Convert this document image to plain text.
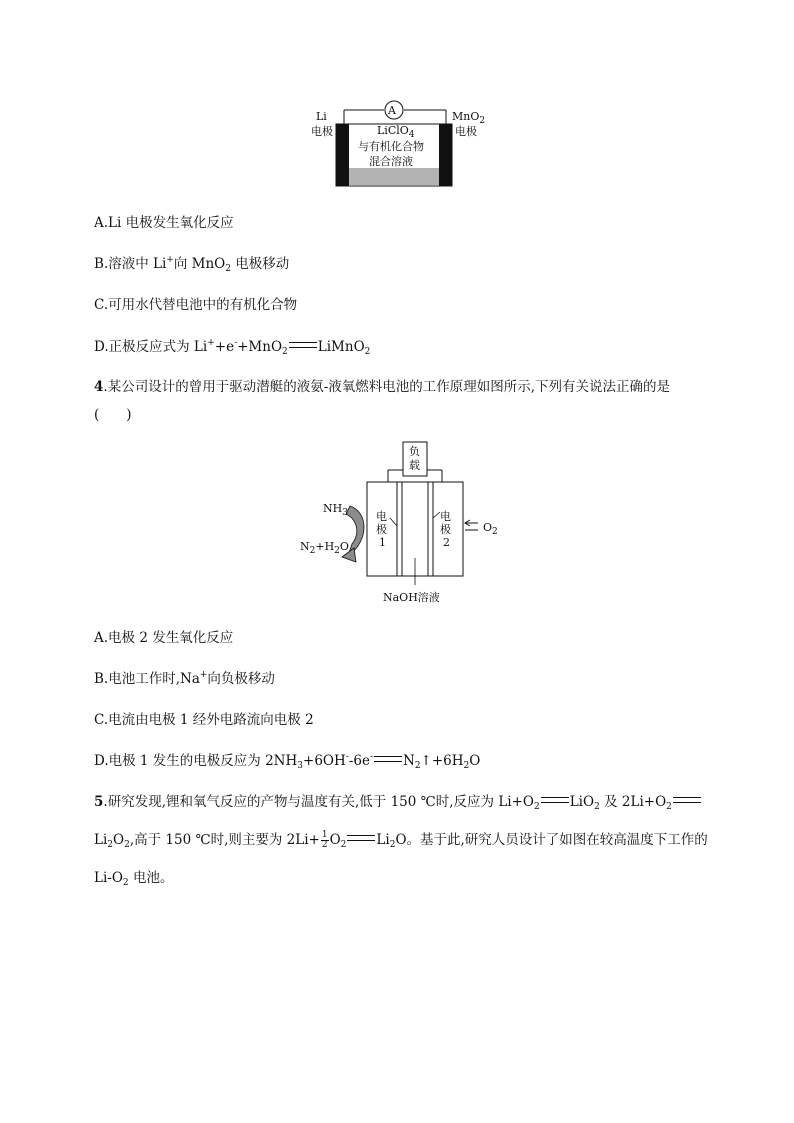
A
Li
电极
MnO$_2$
电极
LiClO$_4$
与有机化合物
混合溶液
A.Li 电极发生氧化反应
B.溶液中 Li+向 MnO$_2$ 电极移动
C.可用水代替电池中的有机化合物
D.正极反应式为 Li++e-+MnO$_2$ LiMnO$_2$
4.某公司设计的曾用于驱动潜艇的液氨-液氧燃料电池的工作原理如图所示,下列有关说法正确的是
(　　)
负
载
$NH_3$
$N_2+H_2O$
电
极
1
电
极
2
$O_2$
NaOH溶液
A.电极 2 发生氧化反应
B.电池工作时,Na+向负极移动
C.电流由电极 1 经外电路流向电极 2
D.电极 1 发生的电极反应为 $2NH_3+6OH^--6e^-$ $N_2↑+6H_2O$
5.研究发现,锂和氧气反应的产物与温度有关,低于 150 ℃时,反应为 $Li+O_2$ LiO$_2$ 及 $2Li+O_2$
$Li_2O_2$,高于 150 ℃时,则主要为 $2Li+ \frac{1}{2} O_2$ $Li_2O$。基于此,研究人员设计了如图在较高温度下工作的
$Li-O_2$ 电池。
